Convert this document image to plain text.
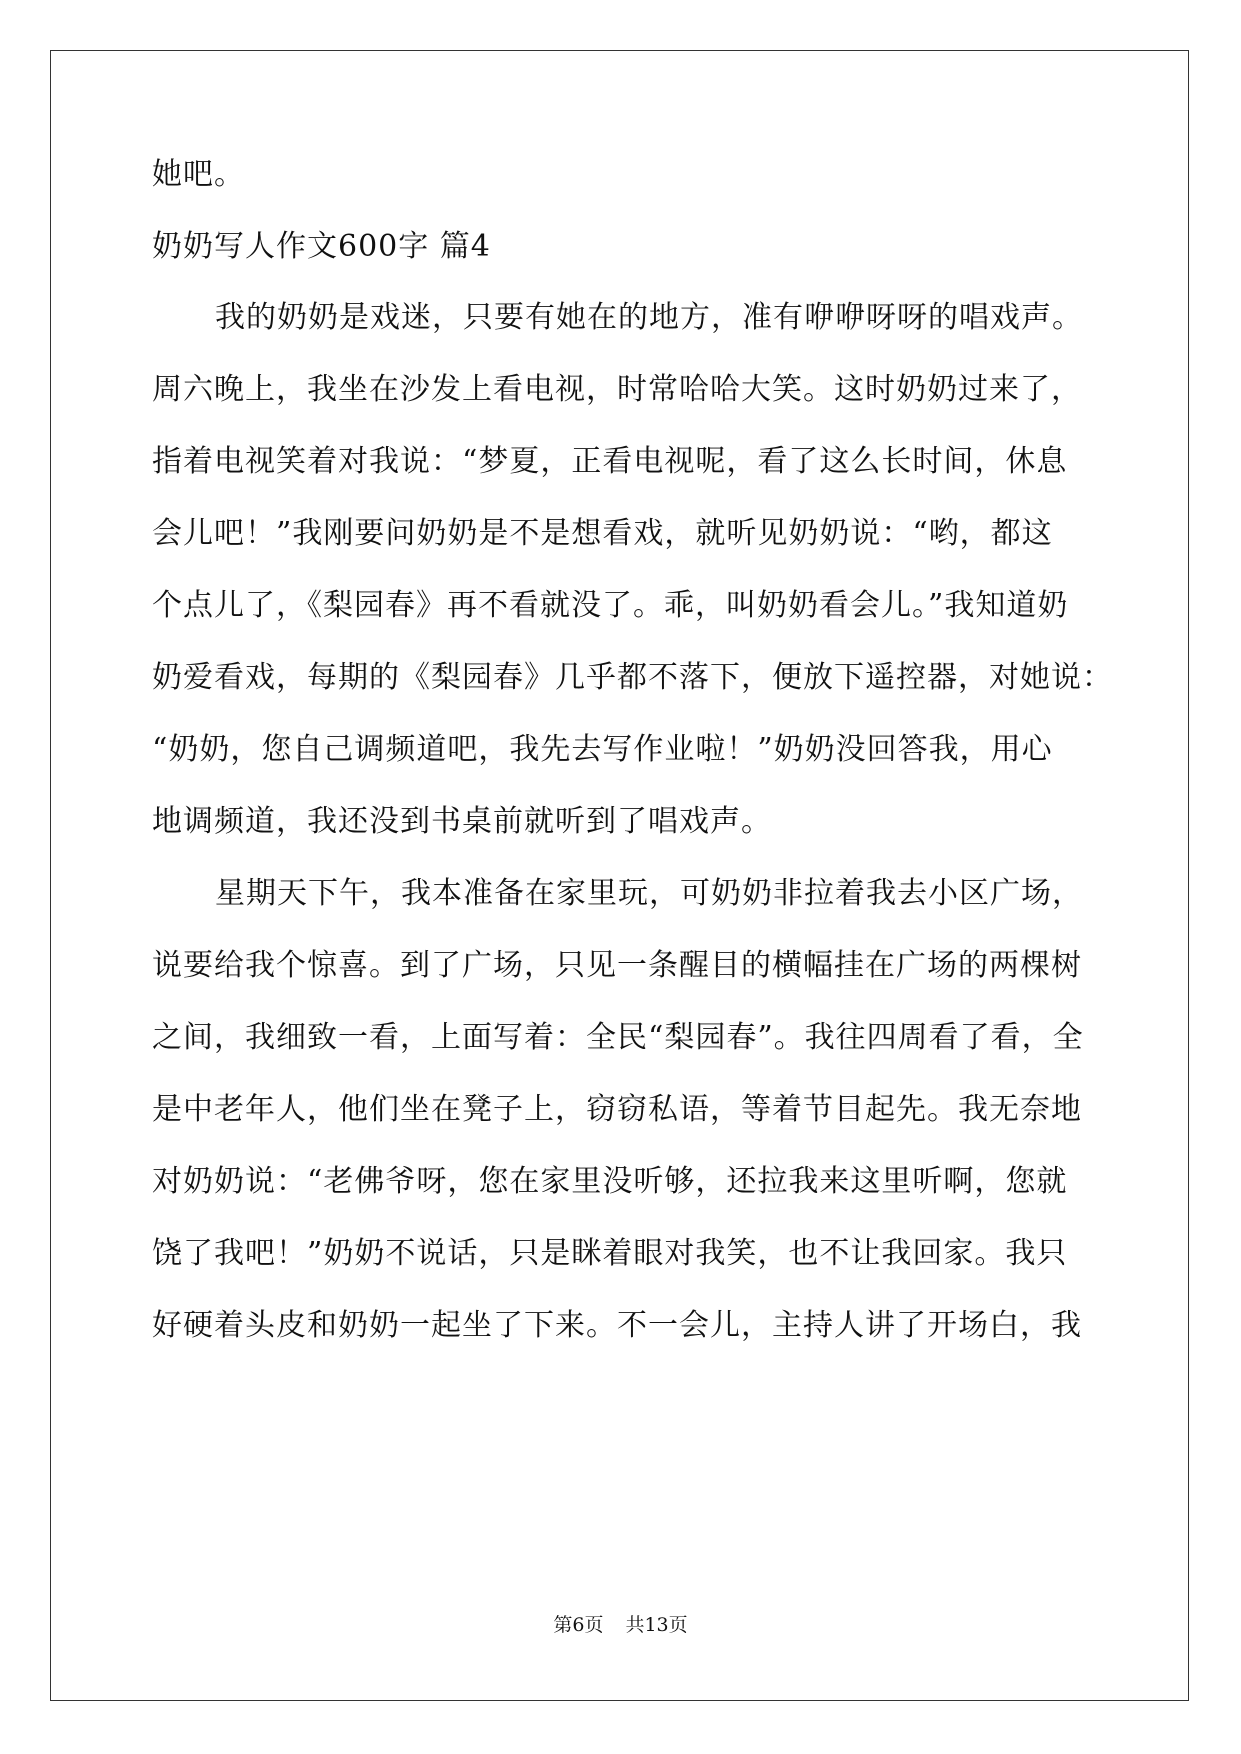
她吧。
奶奶写人作文600字 篇4
我的奶奶是戏迷，只要有她在的地方，准有咿咿呀呀的唱戏声。
周六晚上，我坐在沙发上看电视，时常哈哈大笑。这时奶奶过来了，
指着电视笑着对我说：“梦夏，正看电视呢，看了这么长时间，休息
会儿吧！”我刚要问奶奶是不是想看戏，就听见奶奶说：“哟，都这
个点儿了，《梨园春》再不看就没了。乖，叫奶奶看会儿。”我知道奶
奶爱看戏，每期的《梨园春》几乎都不落下，便放下遥控器，对她说：
“奶奶，您自己调频道吧，我先去写作业啦！”奶奶没回答我，用心
地调频道，我还没到书桌前就听到了唱戏声。
星期天下午，我本准备在家里玩，可奶奶非拉着我去小区广场，
说要给我个惊喜。到了广场，只见一条醒目的横幅挂在广场的两棵树
之间，我细致一看，上面写着：全民“梨园春”。我往四周看了看，全
是中老年人，他们坐在凳子上，窃窃私语，等着节目起先。我无奈地
对奶奶说：“老佛爷呀，您在家里没听够，还拉我来这里听啊，您就
饶了我吧！”奶奶不说话，只是眯着眼对我笑，也不让我回家。我只
好硬着头皮和奶奶一起坐了下来。不一会儿，主持人讲了开场白，我
第6页 共13页
